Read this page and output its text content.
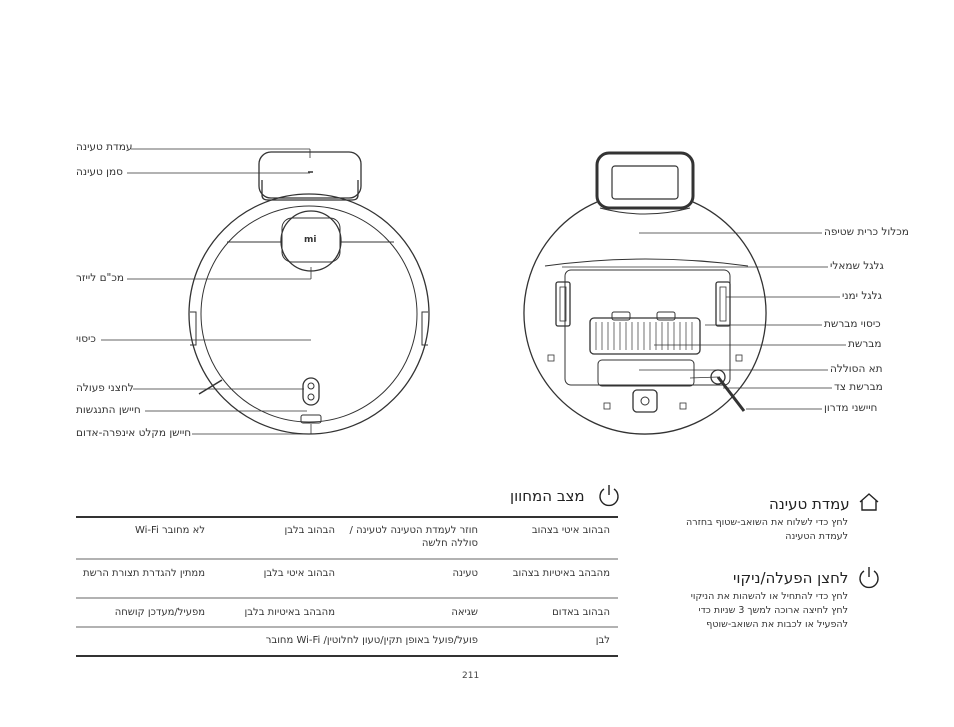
עמדת טעינה
סמן טעינה
מכ"ם לייזר
כיסוי
לחצני פעולה
חיישן התנגשות
חיישן מקלט אינפרה-אדום
mi
מכלול כרית שטיפה
גלגל שמאלי
גלגל ימני
כיסוי מברשת
מברשת
תא הסוללה
מברשת צד
חיישני מדרון
מצב המחוון
הבהוב איטי בצהוב
חוזר לעמדת הטעינה לטעינה / סוללה חלשה
הבהוב בלבן
לא מחובר Wi-Fi
מהבהב באיטיות בצהוב
טעינה
הבהוב איטי בלבן
ממתין להגדרת תצורת הרשת
הבהוב באדום
שגיאה
מהבהב באיטיות בלבן
מפעיל/מעדכן קושחה
לבן
פועל/פועל באופן תקין/טעון לחלוטין/ Wi-Fi מחובר
עמדת טעינה
לחץ כדי לשלוח את השואב-שטוף בחזרה לעמדת הטעינה
לחצן הפעלה/ניקוי
לחץ כדי להתחיל או להשהות את הניקוי
לחץ לחיצה ארוכה למשך 3 שניות כדי
להפעיל או לכבות את השואב-שוטף
211
